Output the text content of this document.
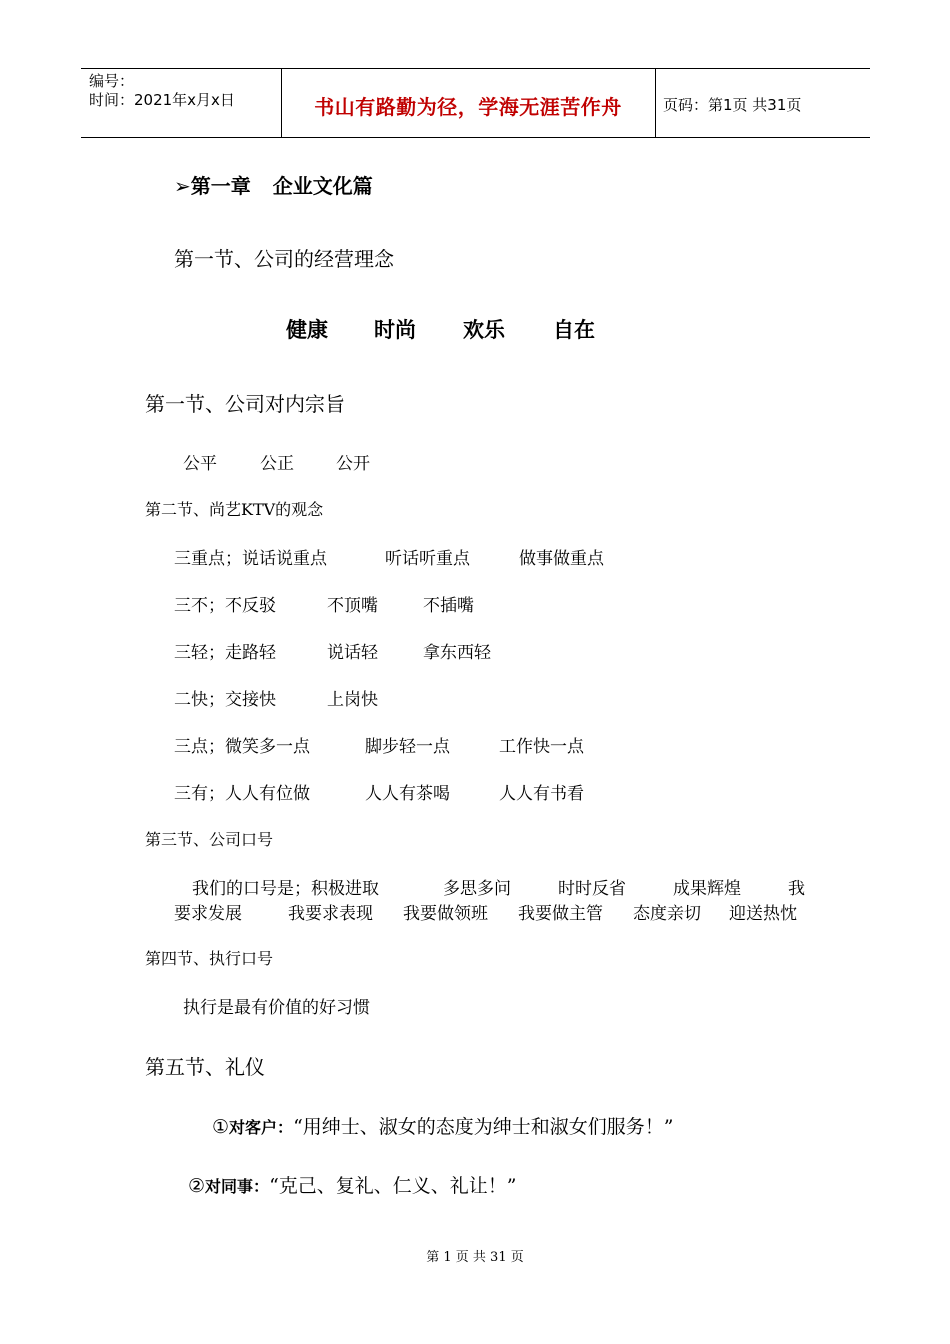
编号：
时间：2021年x月x日	书山有路勤为径，学海无涯苦作舟	页码：第1页 共31页
➢第一章 企业文化篇
第一节、公司的经营理念
健康 时尚 欢乐 自在
第一节、公司对内宗旨
公平	公正 公开
第二节、尚艺KTV的观念
三重点；说话说重点	听话听重点	做事做重点
三不；不反驳	不顶嘴	不插嘴
三轻；走路轻	说话轻	拿东西轻
二快；交接快	上岗快
三点；微笑多一点	脚步轻一点	工作快一点
三有；人人有位做	人人有茶喝	人人有书看
第三节、公司口号
我们的口号是；积极进取	多思多问	时时反省	成果辉煌	我
要求发展	我要求表现 我要做领班 我要做主管 态度亲切 迎送热忱
第四节、执行口号
执行是最有价值的好习惯
第五节、礼仪
①对客户：“用绅士、淑女的态度为绅士和淑女们服务！”
②对同事：“克己、复礼、仁义、礼让！”
第 1 页 共 31 页
